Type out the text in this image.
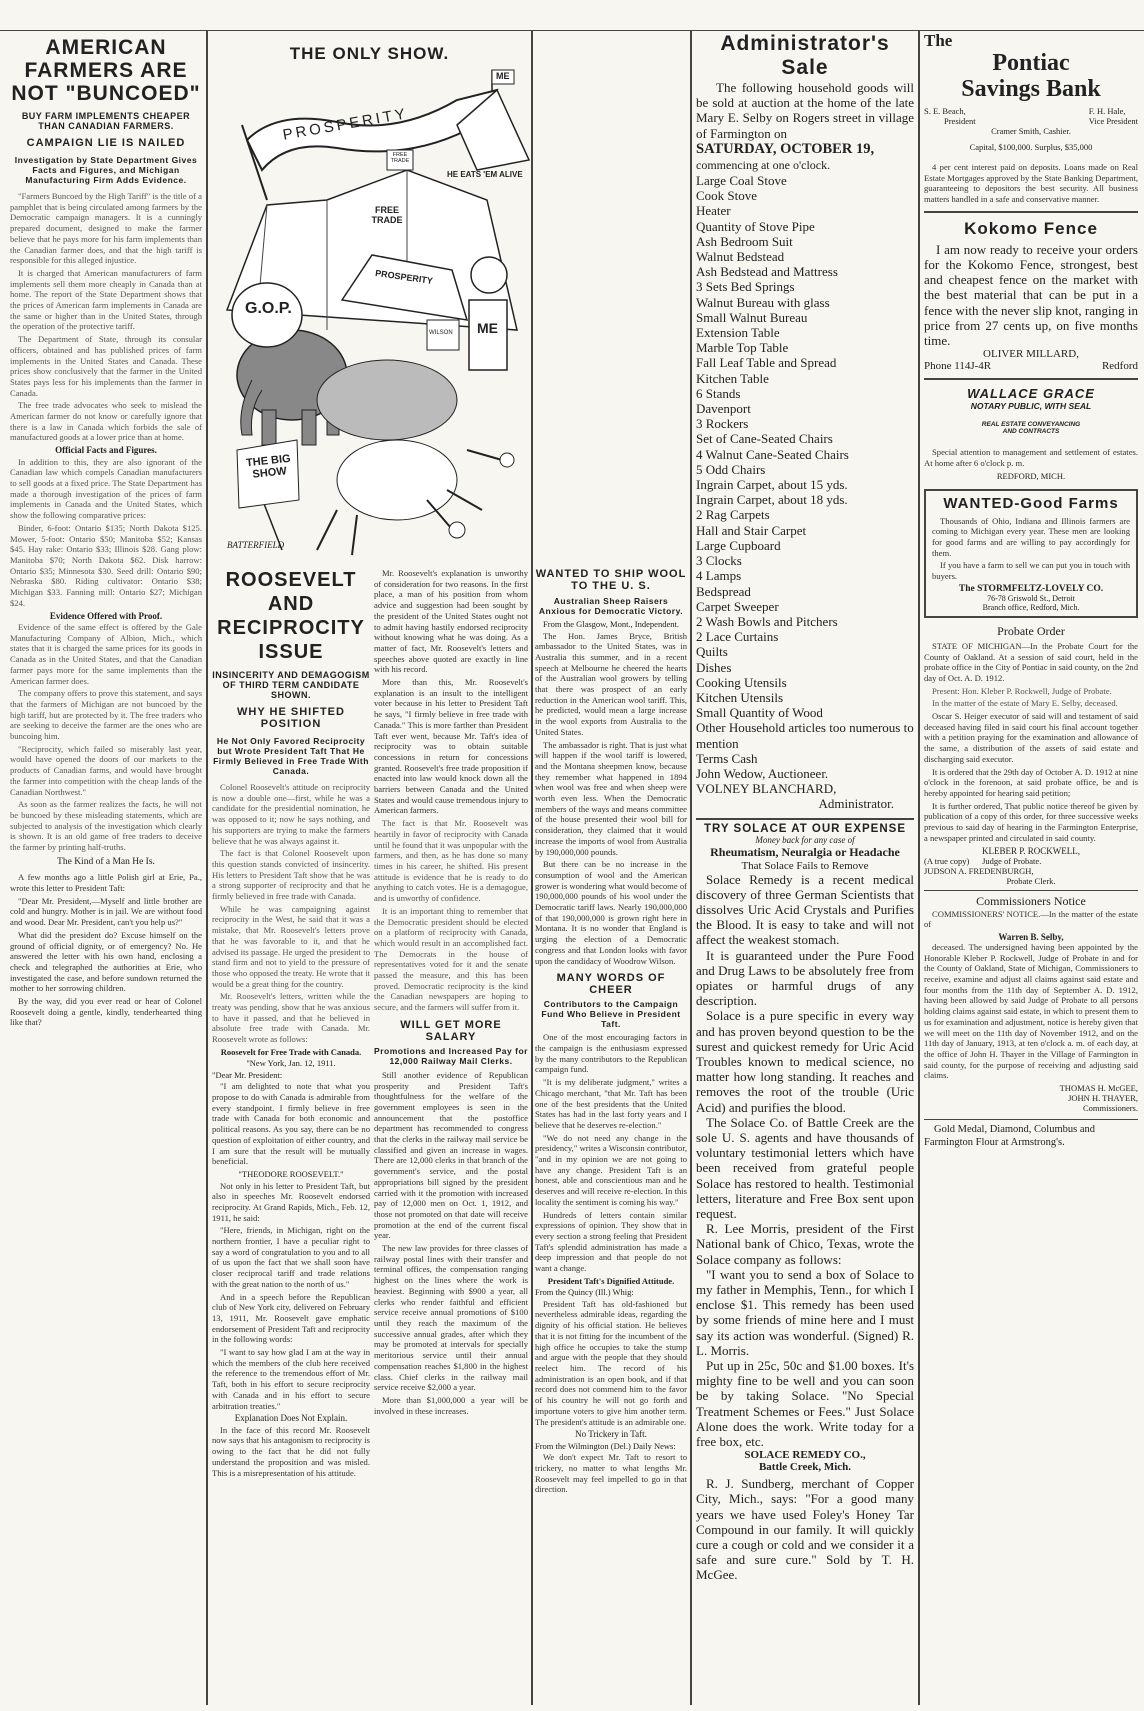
AMERICAN FARMERS ARE NOT "BUNCOED"
BUY FARM IMPLEMENTS CHEAPER THAN CANADIAN FARMERS.
CAMPAIGN LIE IS NAILED
Investigation by State Department Gives Facts and Figures, and Michigan Manufacturing Firm Adds Evidence.

"Farmers Buncoed by the High Tariff" is the title of a pamphlet that is being circulated among farmers by the Democratic campaign managers. It is a cunningly prepared document, designed to make the farmer believe that he pays more for his farm implements than the Canadian farmer does, and that the high tariff is responsible for this alleged injustice.

It is charged that American manufacturers of farm implements sell them more cheaply in Canada than at home. The report of the State Department shows that the prices of American farm implements in Canada are the same or higher than in the United States, through the operation of the protective tariff.

The Department of State, through its consular officers, obtained and has published prices of farm implements in the United States and Canada. These prices show conclusively that the farmer in the United States pays less for his implements than the farmer in Canada.

The free trade advocates who seek to mislead the American farmer do not know or carefully ignore that there is a law in Canada which forbids the sale of manufactured goods at a lower price than at home.

Official Facts and Figures.

In addition to this, they are also ignorant of the Canadian law which compels Canadian manufacturers to sell goods at a fixed price. The State Department has made a thorough investigation of the prices of farm implements in Canada and the United States, which show the following comparative prices:

Binder, 6-foot: Ontario $135; North Dakota $125. Mower, 5-foot: Ontario $50; Manitoba $52; Kansas $45. Hay rake: Ontario $33; Illinois $28. Gang plow: Manitoba $70; North Dakota $62. Disk harrow: Ontario $35; Minnesota $30. Seed drill: Ontario $90; Nebraska $80. Riding cultivator: Ontario $38; Michigan $33. Fanning mill: Ontario $27; Michigan $24.

Evidence Offered with Proof.

Evidence of the same effect is offered by the Gale Manufacturing Company of Albion, Mich., which states that it is charged the same prices for its goods in Canada as in the United States, and that the Canadian farmer pays more for the same implements than the American farmer does.

The company offers to prove this statement, and says that the farmers of Michigan are not buncoed by the high tariff, but are protected by it. The free traders who are seeking to deceive the farmer are the ones who are buncoing him.

"Reciprocity, which failed so miserably last year, would have opened the doors of our markets to the products of Canadian farms, and would have brought the farmer into competition with the cheap lands of the Canadian Northwest."

As soon as the farmer realizes the facts, he will not be buncoed by these misleading statements, which are subjected to analysis of the investigation which clearly is shown. It is an old game of free traders to deceive the farmer by printing half-truths.

The Kind of a Man He Is.

A few months ago a little Polish girl at Erie, Pa., wrote this letter to President Taft:

"Dear Mr. President,—Myself and little brother are cold and hungry. Mother is in jail. We are without food and wood. Dear Mr. President, can't you help us?"

What did the president do? Excuse himself on the ground of official dignity, or of emergency? No. He answered the letter with his own hand, enclosing a check and telegraphed the authorities at Erie, who investigated the case, and before sundown returned the mother to her sorrowing children.

By the way, did you ever read or hear of Colonel Roosevelt doing a gentle, kindly, tenderhearted thing like that?

THE ONLY SHOW.
PROSPERITY
FREE TRADE
PROSPERITY
ME
HE EATS 'EM ALIVE
FREE TRADE
ME
WILSON
G.O.P.
THE BIG SHOW
BATTERFIELD
ROOSEVELT AND RECIPROCITY ISSUE
INSINCERITY AND DEMAGOGISM OF THIRD TERM CANDIDATE SHOWN.
WHY HE SHIFTED POSITION
He Not Only Favored Reciprocity but Wrote President Taft That He Firmly Believed in Free Trade With Canada.

Colonel Roosevelt's attitude on reciprocity is now a double one—first, while he was a candidate for the presidential nomination, he was opposed to it; now he says nothing, and his supporters are trying to make the farmers believe that he was always against it.

The fact is that Colonel Roosevelt upon this question stands convicted of insincerity. His letters to President Taft show that he was a strong supporter of reciprocity and that he firmly believed in free trade with Canada.

While he was campaigning against reciprocity in the West, he said that it was a mistake, that Mr. Roosevelt's letters prove that he was favorable to it, and that he advised its passage. He urged the president to stand firm and not to yield to the pressure of those who opposed the treaty. He wrote that it would be a great thing for the country.

Mr. Roosevelt's letters, written while the treaty was pending, show that he was anxious to have it passed, and that he believed in absolute free trade with Canada. Mr. Roosevelt wrote as follows:

Roosevelt for Free Trade with Canada.
"New York, Jan. 12, 1911.
"Dear Mr. President:

"I am delighted to note that what you propose to do with Canada is admirable from every standpoint. I firmly believe in free trade with Canada for both economic and political reasons. As you say, there can be no question of exploitation of either country, and I am sure that the result will be mutually beneficial.

"THEODORE ROOSEVELT."

Not only in his letter to President Taft, but also in speeches Mr. Roosevelt endorsed reciprocity. At Grand Rapids, Mich., Feb. 12, 1911, he said:

"Here, friends, in Michigan, right on the northern frontier, I have a peculiar right to say a word of congratulation to you and to all of us upon the fact that we shall soon have closer reciprocal tariff and trade relations with the great nation to the north of us."

And in a speech before the Republican club of New York city, delivered on February 13, 1911, Mr. Roosevelt gave emphatic endorsement of President Taft and reciprocity in the following words:

"I want to say how glad I am at the way in which the members of the club here received the reference to the tremendous effort of Mr. Taft, both in his effort to secure reciprocity with Canada and in his effort to secure arbitration treaties."

Explanation Does Not Explain.

In the face of this record Mr. Roosevelt now says that his antagonism to reciprocity is owing to the fact that he did not fully understand the proposition and was misled. This is a misrepresentation of his attitude.

Mr. Roosevelt's explanation is unworthy of consideration for two reasons. In the first place, a man of his position from whom advice and suggestion had been sought by the president of the United States ought not to admit having hastily endorsed reciprocity without knowing what he was doing. As a matter of fact, Mr. Roosevelt's letters and speeches above quoted are exactly in line with his record.

More than this, Mr. Roosevelt's explanation is an insult to the intelligent voter because in his letter to President Taft he says, "I firmly believe in free trade with Canada." This is more farther than President Taft ever went, because Mr. Taft's idea of reciprocity was to obtain suitable concessions in return for concessions granted. Roosevelt's free trade proposition if enacted into law would knock down all the barriers between Canada and the United States and would cause tremendous injury to American farmers.

The fact is that Mr. Roosevelt was heartily in favor of reciprocity with Canada until he found that it was unpopular with the farmers, and then, as he has done so many times in his career, he shifted. His present attitude is evidence that he is ready to do anything to catch votes. He is a demagogue, and is unworthy of confidence.

It is an important thing to remember that the Democratic president should be elected on a platform of reciprocity with Canada, which would result in an accomplished fact. The Democrats in the house of representatives voted for it and the senate passed the measure, and this has been proved. Democratic reciprocity is the kind the Canadian newspapers are hoping to secure, and the farmers will suffer from it.

WILL GET MORE SALARY
Promotions and Increased Pay for 12,000 Railway Mail Clerks.

Still another evidence of Republican prosperity and President Taft's thoughtfulness for the welfare of the government employees is seen in the announcement that the postoffice department has recommended to congress that the clerks in the railway mail service be classified and given an increase in wages. There are 12,000 clerks in that branch of the government's service, and the postal appropriations bill signed by the president carried with it the promotion with increased pay of 12,000 men on Oct. 1, 1912, and those not promoted on that date will receive promotion at the end of the current fiscal year.

The new law provides for three classes of railway postal lines with their transfer and terminal offices, the compensation ranging highest on the lines where the work is heaviest. Beginning with $900 a year, all clerks who render faithful and efficient service receive annual promotions of $100 until they reach the maximum of the successive annual grades, after which they may be promoted at intervals for specially meritorious service until their annual compensation reaches $1,800 in the highest class. Chief clerks in the railway mail service receive $2,000 a year.

More than $1,000,000 a year will be involved in these increases.

WANTED TO SHIP WOOL TO THE U. S.
Australian Sheep Raisers Anxious for Democratic Victory.
From the Glasgow, Mont., Independent.

The Hon. James Bryce, British ambassador to the United States, was in Australia this summer, and in a recent speech at Melbourne he cheered the hearts of the Australian wool growers by telling that there was prospect of an early reduction in the American wool tariff. This, he predicted, would mean a large increase in the wool exports from Australia to the United States.

The ambassador is right. That is just what will happen if the wool tariff is lowered, and the Montana sheepmen know, because they remember what happened in 1894 when wool was free and when sheep were worth even less. When the Democratic members of the ways and means committee of the house presented their wool bill for consideration, they claimed that it would increase the imports of wool from Australia by 190,000,000 pounds.

But there can be no increase in the consumption of wool and the American grower is wondering what would become of 190,000,000 pounds of his wool under the Democratic tariff laws. Nearly 190,000,000 of that 190,000,000 is grown right here in Montana. It is no wonder that England is urging the election of a Democratic congress and that London looks with favor upon the candidacy of Woodrow Wilson.

MANY WORDS OF CHEER
Contributors to the Campaign Fund Who Believe in President Taft.

One of the most encouraging factors in the campaign is the enthusiasm expressed by the many contributors to the Republican campaign fund.

"It is my deliberate judgment," writes a Chicago merchant, "that Mr. Taft has been one of the best presidents that the United States has had in the last forty years and I believe that he deserves re-election."

"We do not need any change in the presidency," writes a Wisconsin contributor, "and in my opinion we are not going to have any change. President Taft is an honest, able and conscientious man and he deserves and will receive re-election. In this locality the sentiment is coming his way."

Hundreds of letters contain similar expressions of opinion. They show that in every section a strong feeling that President Taft's splendid administration has made a deep impression and that people do not want a change.

President Taft's Dignified Attitude.
From the Quincy (Ill.) Whig:

President Taft has old-fashioned but nevertheless admirable ideas, regarding the dignity of his official station. He believes that it is not fitting for the incumbent of the high office he occupies to take the stump and argue with the people that they should reelect him. The record of his administration is an open book, and if that record does not commend him to the favor of his country he will not go forth and importune voters to give him another term. The president's attitude is an admirable one.

No Trickery in Taft.
From the Wilmington (Del.) Daily News:

We don't expect Mr. Taft to resort to trickery, no matter to what lengths Mr. Roosevelt may feel impelled to go in that direction.

Administrator's Sale
The following household goods will be sold at auction at the home of the late Mary E. Selby on Rogers street in village of Farmington on
SATURDAY, OCTOBER 19,
commencing at one o'clock.
Large Coal Stove
Cook Stove
Heater
Quantity of Stove Pipe
Ash Bedroom Suit
Walnut Bedstead
Ash Bedstead and Mattress
3 Sets Bed Springs
Walnut Bureau with glass
Small Walnut Bureau
Extension Table
Marble Top Table
Fall Leaf Table and Spread
Kitchen Table
6 Stands
Davenport
3 Rockers
Set of Cane-Seated Chairs
4 Walnut Cane-Seated Chairs
5 Odd Chairs
Ingrain Carpet, about 15 yds.
Ingrain Carpet, about 18 yds.
2 Rag Carpets
Hall and Stair Carpet
Large Cupboard
3 Clocks
4 Lamps
Bedspread
Carpet Sweeper
2 Wash Bowls and Pitchers
2 Lace Curtains
Quilts
Dishes
Cooking Utensils
Kitchen Utensils
Small Quantity of Wood
Other Household articles too numerous to mention
Terms Cash
John Wedow, Auctioneer.
VOLNEY BLANCHARD,
Administrator.
TRY SOLACE AT OUR EXPENSE
Money back for any case of
Rheumatism, Neuralgia or Headache
That Solace Fails to Remove
Solace Remedy is a recent medical discovery of three German Scientists that dissolves Uric Acid Crystals and Purifies the Blood. It is easy to take and will not affect the weakest stomach.
It is guaranteed under the Pure Food and Drug Laws to be absolutely free from opiates or harmful drugs of any description.
Solace is a pure specific in every way and has proven beyond question to be the surest and quickest remedy for Uric Acid Troubles known to medical science, no matter how long standing. It reaches and removes the root of the trouble (Uric Acid) and purifies the blood.
The Solace Co. of Battle Creek are the sole U. S. agents and have thousands of voluntary testimonial letters which have been received from grateful people Solace has restored to health. Testimonial letters, literature and Free Box sent upon request.
R. Lee Morris, president of the First National bank of Chico, Texas, wrote the Solace company as follows:
"I want you to send a box of Solace to my father in Memphis, Tenn., for which I enclose $1. This remedy has been used by some friends of mine here and I must say its action was wonderful. (Signed) R. L. Morris.
Put up in 25c, 50c and $1.00 boxes. It's mighty fine to be well and you can soon be by taking Solace. "No Special Treatment Schemes or Fees." Just Solace Alone does the work. Write today for a free box, etc.
SOLACE REMEDY CO.,
Battle Creek, Mich.
R. J. Sundberg, merchant of Copper City, Mich., says: "For a good many years we have used Foley's Honey Tar Compound in our family. It will quickly cure a cough or cold and we consider it a safe and sure cure." Sold by T. H. McGee.
The
Pontiac
Savings Bank
S. E. Beach,
President
F. H. Hale,
Vice President
Cramer Smith, Cashier.
Capital, $100,000. Surplus, $35,000

4 per cent interest paid on deposits. Loans made on Real Estate Mortgages approved by the State Banking Department, guaranteeing to depositors the best security. All business matters handled in a safe and conservative manner.

Kokomo Fence
I am now ready to receive your orders for the Kokomo Fence, strongest, best and cheapest fence on the market with the best material that can be put in a fence with the never slip knot, ranging in price from 27 cents up, on five months time.
OLIVER MILLARD,
Phone 114J-4R	Redford
WALLACE GRACE
NOTARY PUBLIC, WITH SEAL
REAL ESTATE CONVEYANCING AND CONTRACTS

Special attention to management and settlement of estates. At home after 6 o'clock p. m.

REDFORD, MICH.
WANTED-Good Farms

Thousands of Ohio, Indiana and Illinois farmers are coming to Michigan every year. These men are looking for good farms and are willing to pay accordingly for them.

If you have a farm to sell we can put you in touch with buyers.

The STORMFELTZ-LOVELY CO.
76-78 Griswold St., Detroit
Branch office, Redford, Mich.
Probate Order

STATE OF MICHIGAN—In the Probate Court for the County of Oakland. At a session of said court, held in the probate office in the City of Pontiac in said county, on the 2nd day of Oct. A. D. 1912.

Present: Hon. Kleber P. Rockwell, Judge of Probate.

In the matter of the estate of Mary E. Selby, deceased.

Oscar S. Heiger executor of said will and testament of said deceased having filed in said court his final account together with a petition praying for the examination and allowance of the same, a distribution of the assets of said estate and discharging said executor.

It is ordered that the 29th day of October A. D. 1912 at nine o'clock in the forenoon, at said probate office, be and is hereby appointed for hearing said petition;

It is further ordered, That public notice thereof be given by publication of a copy of this order, for three successive weeks previous to said day of hearing in the Farmington Enterprise, a newspaper printed and circulated in said county.

KLEBER P. ROCKWELL,
(A true copy)      Judge of Probate.
JUDSON A. FREDENBURGH,
Probate Clerk.
Commissioners Notice

COMMISSIONERS' NOTICE.—In the matter of the estate of

Warren B. Selby,

deceased. The undersigned having been appointed by the Honorable Kleber P. Rockwell, Judge of Probate in and for the County of Oakland, State of Michigan, Commissioners to receive, examine and adjust all claims against said estate and four months from the 11th day of September A. D. 1912, having been allowed by said Judge of Probate to all persons holding claims against said estate, in which to present them to us for examination and adjustment, notice is hereby given that we will meet on the 11th day of November 1912, and on the 11th day of January, 1913, at ten o'clock a. m. of each day, at the office of John H. Thayer in the Village of Farmington in said county, for the purpose of receiving and adjusting said claims.

THOMAS H. McGEE,
JOHN H. THAYER,
Commissioners.
Gold Medal, Diamond, Columbus and Farmington Flour at Armstrong's.
